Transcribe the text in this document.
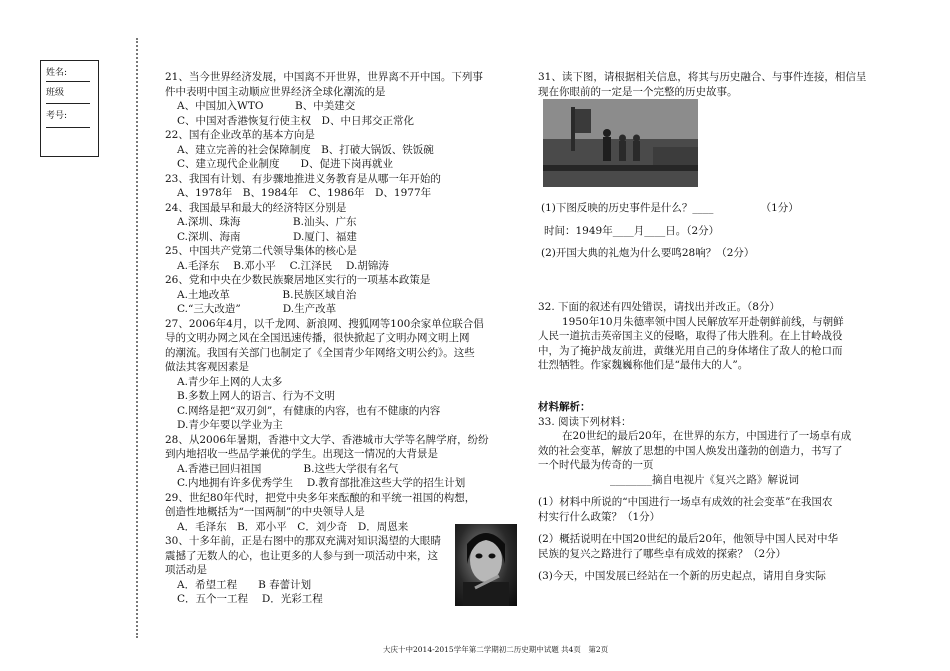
姓名:
班级
考号:

21、当今世界经济发展，中国离不开世界，世界离不开中国。下列事

件中表明中国主动顺应世界经济全球化潮流的是

A、中国加入WTO　　　B、中美建交

C、中国对香港恢复行使主权　D、中日邦交正常化

22、国有企业改革的基本方向是

A、建立完善的社会保障制度　B、打破大锅饭、铁饭碗

C、建立现代企业制度　　D、促进下岗再就业

23、我国有计划、有步骤地推进义务教育是从哪一年开始的

A、1978年　B、1984年　C、1986年　D、1977年

24、我国最早和最大的经济特区分别是

A.深圳、珠海　　　　　B.汕头、广东

C.深圳、海南　　　　　D.厦门、福建

25、中国共产党第二代领导集体的核心是

A.毛泽东　 B.邓小平　 C.江泽民　 D.胡锦涛

26、党和中央在少数民族聚居地区实行的一项基本政策是

A.土地改革　　　　　B.民族区域自治

C.“三大改造”　　　　D.生产改革

27、2006年4月，以千龙网、新浪网、搜狐网等100余家单位联合倡

导的文明办网之风在全国迅速传播，很快掀起了文明办网文明上网

的潮流。我国有关部门也制定了《全国青少年网络文明公约》。这些

做法其客观因素是

A.青少年上网的人太多

B.多数上网人的语言、行为不文明

C.网络是把“双刃剑”，有健康的内容，也有不健康的内容

D.青少年要以学业为主

28、从2006年暑期，香港中文大学、香港城市大学等名牌学府，纷纷

到内地招收一些品学兼优的学生。出现这一情况的大背景是

A.香港已回归祖国　　　　B.这些大学很有名气

C.内地拥有许多优秀学生　 D.教育部批准这些大学的招生计划

29、世纪80年代时，把党中央多年来酝酿的和平统一祖国的构想，

创造性地概括为“一国两制”的中央领导人是

A．毛泽东　B．邓小平　C．刘少奇　D．周恩来

30、十多年前，正是右图中的那双充满对知识渴望的大眼睛

震撼了无数人的心，也让更多的人参与到一项活动中来，这

项活动是

A．希望工程　　B 春蕾计划

C．五个一工程　 D．光彩工程

31、读下图，请根据相关信息，将其与历史融合、与事件连接，相信呈

现在你眼前的一定是一个完整的历史故事。

(1)下图反映的历史事件是什么？____　　　　　（1分）

时间：1949年____月____日。（2分）

(2)开国大典的礼炮为什么要鸣28响？（2分）

32. 下面的叙述有四处错误，请找出并改正。（8分）

1950年10月朱德率领中国人民解放军开赴朝鲜前线，与朝鲜

人民一道抗击英帝国主义的侵略，取得了伟大胜利。在上甘岭战役

中，为了掩护战友前进，黄继光用自己的身体堵住了敌人的枪口而

壮烈牺牲。作家魏巍称他们是“最伟大的人”。

材料解析：

33. 阅读下列材料：

在20世纪的最后20年，在世界的东方，中国进行了一场卓有成

效的社会变革，解放了思想的中国人焕发出蓬勃的创造力，书写了

一个时代最为传奇的一页

________摘自电视片《复兴之路》解说词

(1）材料中所说的“中国进行一场卓有成效的社会变革”在我国农

村实行什么政策？（1分）

(2）概括说明在中国20世纪的最后20年，他领导中国人民对中华

民族的复兴之路进行了哪些卓有成效的探索？（2分）

(3)今天，中国发展已经站在一个新的历史起点，请用自身实际

大庆十中2014-2015学年第二学期初二历史期中试题 共4页　第2页
